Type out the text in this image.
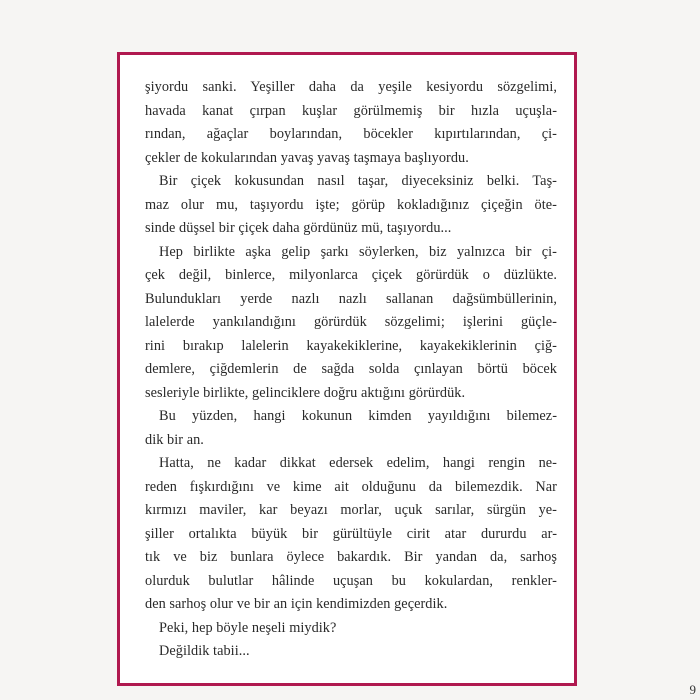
şiyordu sanki. Yeşiller daha da yeşile kesiyordu sözgelimi,
havada kanat çırpan kuşlar görülmemiş bir hızla uçuşla-
rından, ağaçlar boylarından, böcekler kıpırtılarından, çi-
çekler de kokularından yavaş yavaş taşmaya başlıyordu.
Bir çiçek kokusundan nasıl taşar, diyeceksiniz belki. Taş-
maz olur mu, taşıyordu işte; görüp kokladığınız çiçeğin öte-
sinde düşsel bir çiçek daha gördünüz mü, taşıyordu...
Hep birlikte aşka gelip şarkı söylerken, biz yalnızca bir çi-
çek değil, binlerce, milyonlarca çiçek görürdük o düzlükte.
Bulundukları yerde nazlı nazlı sallanan dağsümbüllerinin,
lalelerde yankılandığını görürdük sözgelimi; işlerini güçle-
rini bırakıp lalelerin kayakekiklerine, kayakekiklerinin çiğ-
demlere, çiğdemlerin de sağda solda çınlayan börtü böcek
sesleriyle birlikte, gelinciklere doğru aktığını görürdük.
Bu yüzden, hangi kokunun kimden yayıldığını bilemez-
dik bir an.
Hatta, ne kadar dikkat edersek edelim, hangi rengin ne-
reden fışkırdığını ve kime ait olduğunu da bilemezdik. Nar
kırmızı maviler, kar beyazı morlar, uçuk sarılar, sürgün ye-
şiller ortalıkta büyük bir gürültüyle cirit atar dururdu ar-
tık ve biz bunlara öylece bakardık. Bir yandan da, sarhoş
olurduk bulutlar hâlinde uçuşan bu kokulardan, renkler-
den sarhoş olur ve bir an için kendimizden geçerdik.
Peki, hep böyle neşeli miydik?
Değildik tabii...
9
